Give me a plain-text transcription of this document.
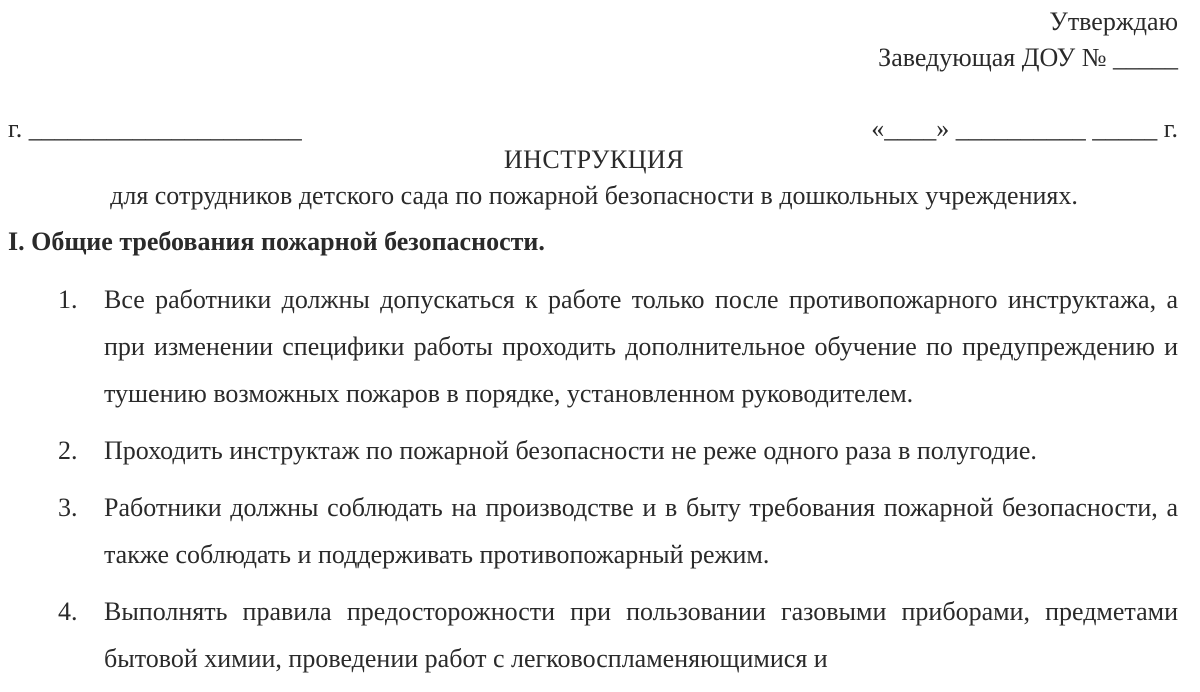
Утверждаю
Заведующая ДОУ № _____
г. _____________________	«____» __________ _____ г.
ИНСТРУКЦИЯ
для сотрудников детского сада по пожарной безопасности в дошкольных учреждениях.
I. Общие требования пожарной безопасности.
1. Все работники должны допускаться к работе только после противопожарного инструктажа, а при изменении специфики работы проходить дополнительное обучение по предупреждению и тушению возможных пожаров в порядке, установленном руководителем.
2. Проходить инструктаж по пожарной безопасности не реже одного раза в полугодие.
3. Работники должны соблюдать на производстве и в быту требования пожарной безопасности, а также соблюдать и поддерживать противопожарный режим.
4. Выполнять правила предосторожности при пользовании газовыми приборами, предметами бытовой химии, проведении работ с легковоспламеняющимися и
